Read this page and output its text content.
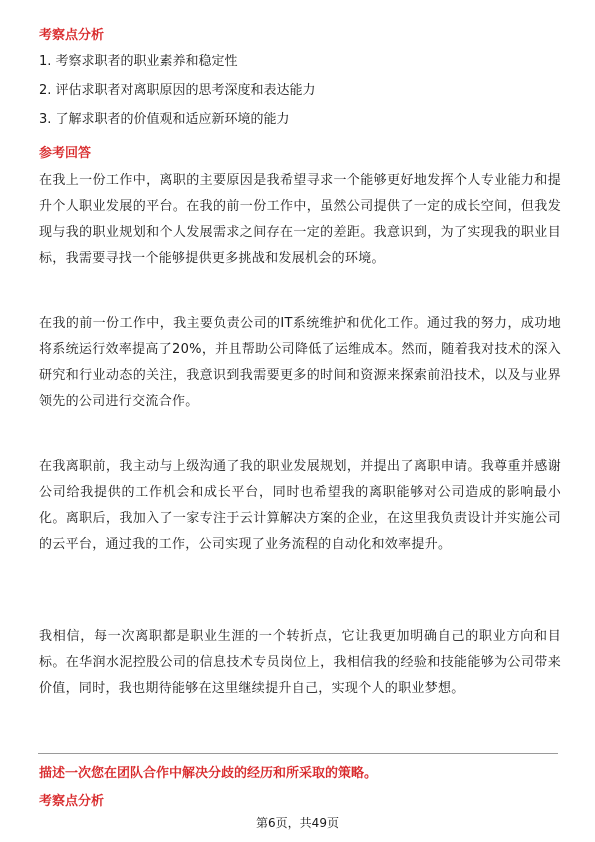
考察点分析
1. 考察求职者的职业素养和稳定性
2. 评估求职者对离职原因的思考深度和表达能力
3. 了解求职者的价值观和适应新环境的能力
参考回答
在我上一份工作中，离职的主要原因是我希望寻求一个能够更好地发挥个人专业能力和提升个人职业发展的平台。在我的前一份工作中，虽然公司提供了一定的成长空间，但我发现与我的职业规划和个人发展需求之间存在一定的差距。我意识到，为了实现我的职业目标，我需要寻找一个能够提供更多挑战和发展机会的环境。
在我的前一份工作中，我主要负责公司的IT系统维护和优化工作。通过我的努力，成功地将系统运行效率提高了20%，并且帮助公司降低了运维成本。然而，随着我对技术的深入研究和行业动态的关注，我意识到我需要更多的时间和资源来探索前沿技术，以及与业界领先的公司进行交流合作。
在我离职前，我主动与上级沟通了我的职业发展规划，并提出了离职申请。我尊重并感谢公司给我提供的工作机会和成长平台，同时也希望我的离职能够对公司造成的影响最小化。离职后，我加入了一家专注于云计算解决方案的企业，在这里我负责设计并实施公司的云平台，通过我的工作，公司实现了业务流程的自动化和效率提升。
我相信，每一次离职都是职业生涯的一个转折点，它让我更加明确自己的职业方向和目标。在华润水泥控股公司的信息技术专员岗位上，我相信我的经验和技能能够为公司带来价值，同时，我也期待能够在这里继续提升自己，实现个人的职业梦想。
描述一次您在团队合作中解决分歧的经历和所采取的策略。
考察点分析
第6页，共49页
